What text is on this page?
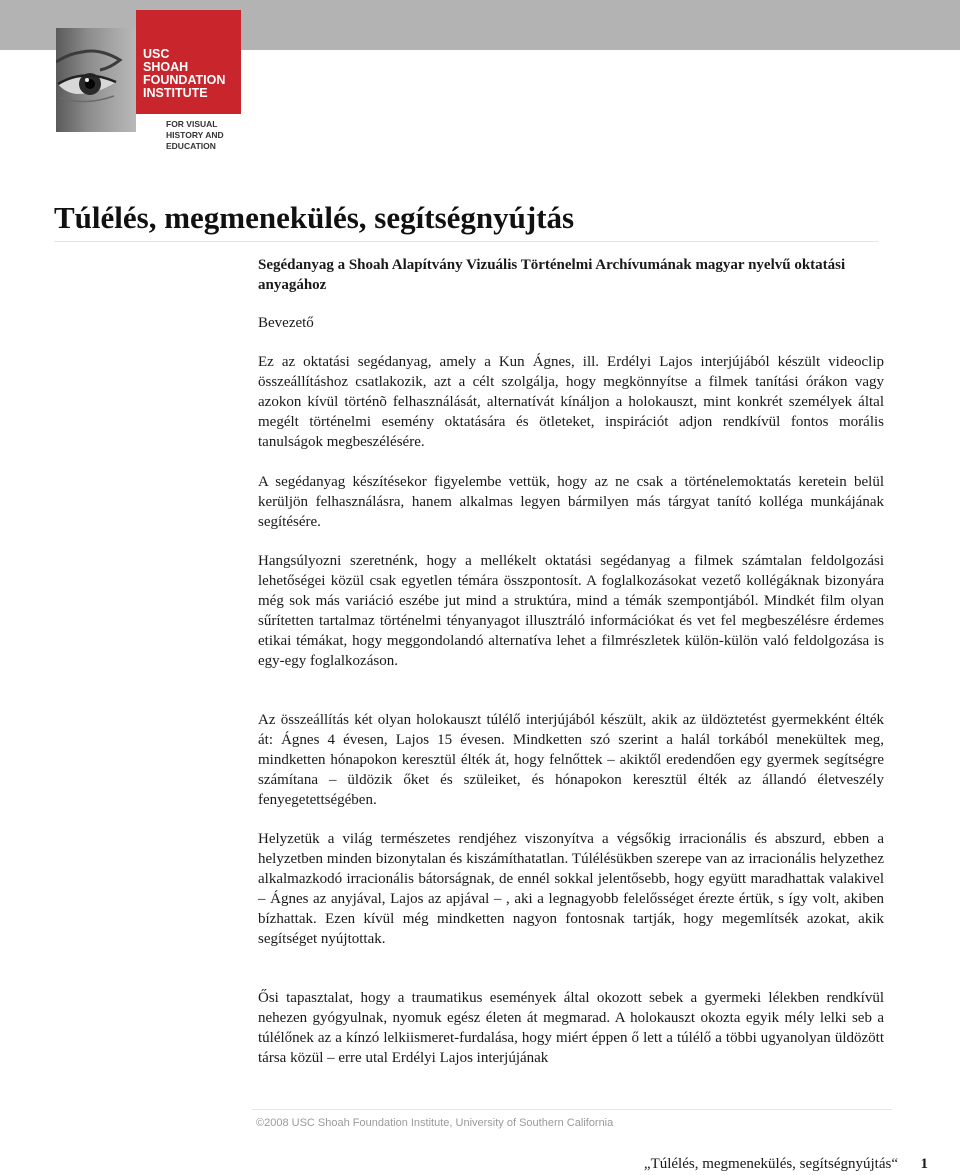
USC
SHOAH
FOUNDATION
INSTITUTE
FOR VISUAL
HISTORY AND
EDUCATION
Túlélés, megmenekülés, segítségnyújtás

Segédanyag a Shoah Alapítvány Vizuális Történelmi Archívumának magyar nyelvű oktatási anyagához

Bevezető

Ez az oktatási segédanyag, amely a Kun Ágnes, ill. Erdélyi Lajos interjújából készült videoclip összeállításhoz csatlakozik, azt a célt szolgálja, hogy megkönnyítse a filmek tanítási órákon vagy azokon kívül történõ felhasználását, alternatívát kínáljon a holokauszt, mint konkrét személyek által megélt történelmi esemény oktatására és ötleteket, inspirációt adjon rendkívül fontos morális tanulságok megbeszélésére.

A segédanyag készítésekor figyelembe vettük, hogy az ne csak a történelemoktatás keretein belül kerüljön felhasználásra, hanem alkalmas legyen bármilyen más tárgyat tanító kolléga munkájának segítésére.

Hangsúlyozni szeretnénk, hogy a mellékelt oktatási segédanyag a filmek számtalan feldolgozási lehetőségei közül csak egyetlen témára összpontosít. A foglalkozásokat vezető kollégáknak bizonyára még sok más variáció eszébe jut mind a struktúra, mind a témák szempontjából. Mindkét film olyan sűrítetten tartalmaz történelmi tényanyagot illusztráló információkat és vet fel megbeszélésre érdemes etikai témákat, hogy meggondolandó alternatíva lehet a filmrészletek külön-külön való feldolgozása is egy-egy foglalkozáson.

Az összeállítás két olyan holokauszt túlélő interjújából készült, akik az üldöztetést gyermekként élték át: Ágnes 4 évesen, Lajos 15 évesen. Mindketten szó szerint a halál torkából menekültek meg, mindketten hónapokon keresztül élték át, hogy felnőttek – akiktől eredendően egy gyermek segítségre számítana – üldözik őket és szüleiket, és hónapokon keresztül élték az állandó életveszély fenyegetettségében.

Helyzetük a világ természetes rendjéhez viszonyítva a végsőkig irracionális és abszurd, ebben a helyzetben minden bizonytalan és kiszámíthatatlan. Túlélésükben szerepe van az irracionális helyzethez alkalmazkodó irracionális bátorságnak, de ennél sokkal jelentősebb, hogy együtt maradhattak valakivel – Ágnes az anyjával, Lajos az apjával – , aki a legnagyobb felelősséget érezte értük, s így volt, akiben bízhattak. Ezen kívül még mindketten nagyon fontosnak tartják, hogy megemlítsék azokat, akik segítséget nyújtottak.

Ősi tapasztalat, hogy a traumatikus események által okozott sebek a gyermeki lélekben rendkívül nehezen gyógyulnak, nyomuk egész életen át megmarad. A holokauszt okozta egyik mély lelki seb a túlélőnek az a kínzó lelkiismeret-furdalása, hogy miért éppen ő lett a túlélő a többi ugyanolyan üldözött társa közül – erre utal Erdélyi Lajos interjújának

©2008 USC Shoah Foundation Institute, University of Southern California
„Túlélés, megmenekülés, segítségnyújtás“ 1
